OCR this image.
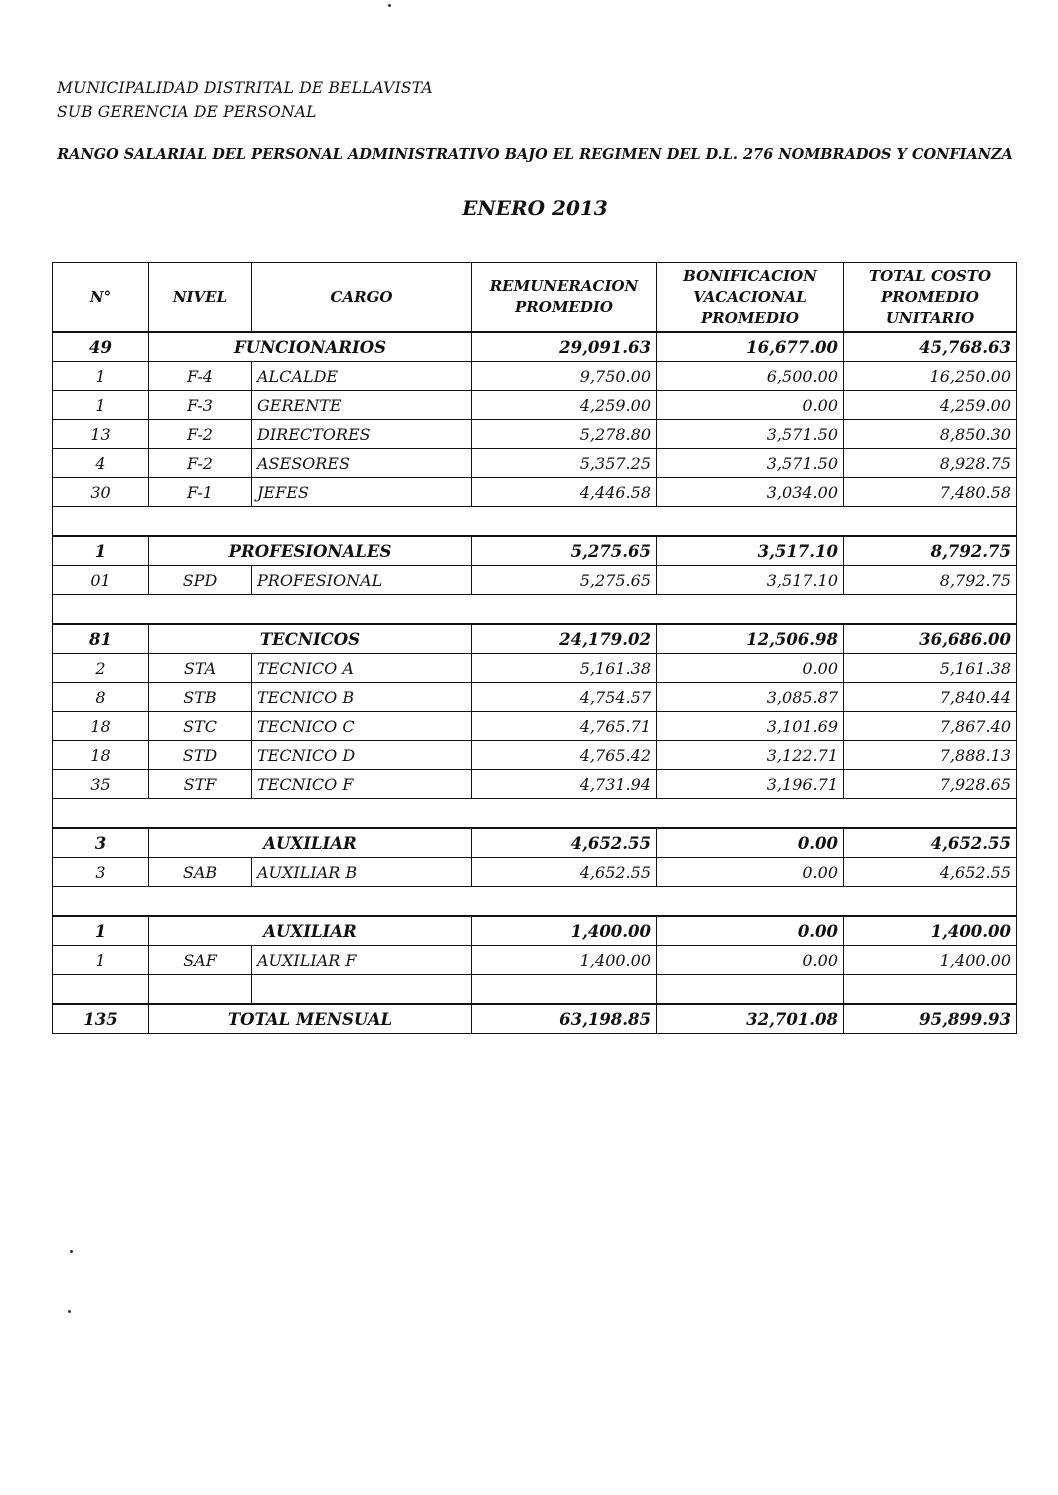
MUNICIPALIDAD DISTRITAL DE BELLAVISTA
SUB GERENCIA DE PERSONAL
RANGO SALARIAL DEL PERSONAL ADMINISTRATIVO BAJO EL REGIMEN DEL D.L. 276 NOMBRADOS Y CONFIANZA
ENERO 2013
N°	NIVEL	CARGO	REMUNERACION PROMEDIO	BONIFICACION VACACIONAL PROMEDIO	TOTAL COSTO PROMEDIO UNITARIO
49	FUNCIONARIOS		29,091.63	16,677.00	45,768.63
1	F-4	ALCALDE	9,750.00	6,500.00	16,250.00
1	F-3	GERENTE	4,259.00	0.00	4,259.00
13	F-2	DIRECTORES	5,278.80	3,571.50	8,850.30
4	F-2	ASESORES	5,357.25	3,571.50	8,928.75
30	F-1	JEFES	4,446.58	3,034.00	7,480.58

1	PROFESIONALES		5,275.65	3,517.10	8,792.75
01	SPD	PROFESIONAL	5,275.65	3,517.10	8,792.75

81	TECNICOS		24,179.02	12,506.98	36,686.00
2	STA	TECNICO A	5,161.38	0.00	5,161.38
8	STB	TECNICO B	4,754.57	3,085.87	7,840.44
18	STC	TECNICO C	4,765.71	3,101.69	7,867.40
18	STD	TECNICO D	4,765.42	3,122.71	7,888.13
35	STF	TECNICO F	4,731.94	3,196.71	7,928.65

3	AUXILIAR		4,652.55	0.00	4,652.55
3	SAB	AUXILIAR B	4,652.55	0.00	4,652.55

1	AUXILIAR		1,400.00	0.00	1,400.00
1	SAF	AUXILIAR F	1,400.00	0.00	1,400.00

135	TOTAL MENSUAL		63,198.85	32,701.08	95,899.93
